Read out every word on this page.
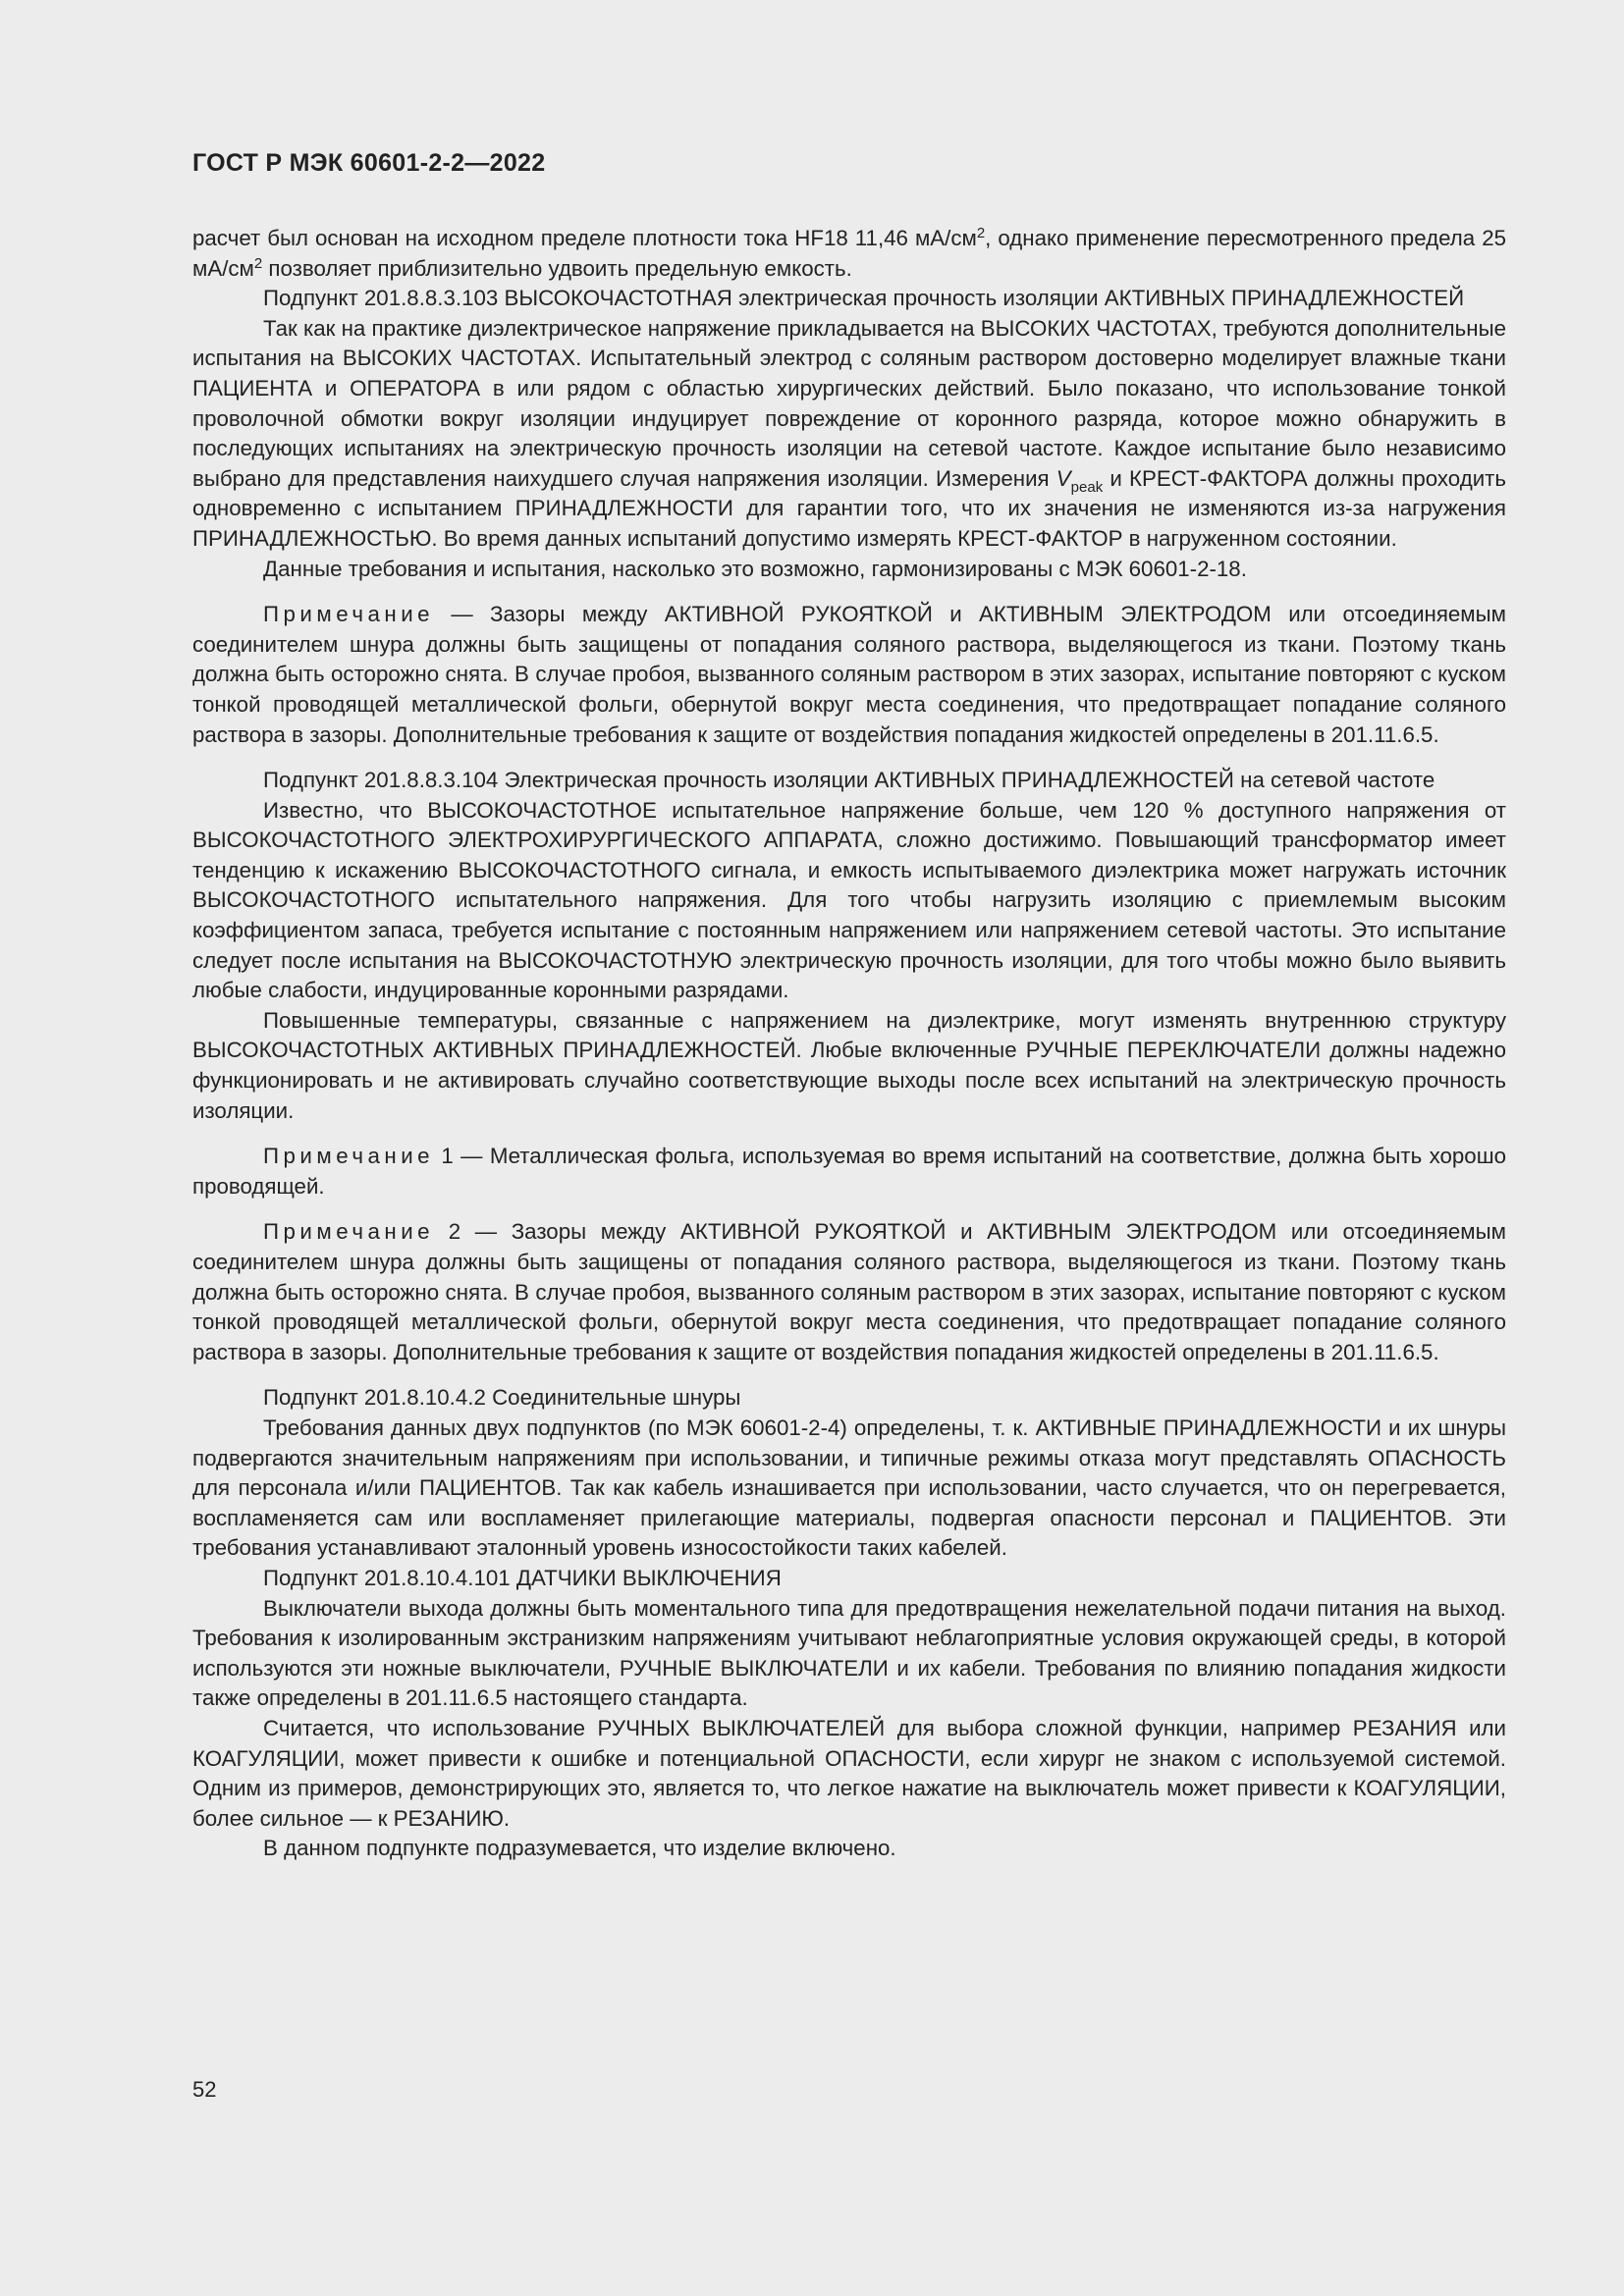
ГОСТ Р МЭК 60601-2-2—2022

расчет был основан на исходном пределе плотности тока HF18 11,46 $мА/см^2$, однако применение пересмотренного предела 25 $мА/см^2$ позволяет приблизительно удвоить предельную емкость.

Подпункт 201.8.8.3.103 ВЫСОКОЧАСТОТНАЯ электрическая прочность изоляции АКТИВНЫХ ПРИНАДЛЕЖНОСТЕЙ

Так как на практике диэлектрическое напряжение прикладывается на ВЫСОКИХ ЧАСТОТАХ, требуются дополнительные испытания на ВЫСОКИХ ЧАСТОТАХ. Испытательный электрод с соляным раствором достоверно моделирует влажные ткани ПАЦИЕНТА и ОПЕРАТОРА в или рядом с областью хирургических действий. Было показано, что использование тонкой проволочной обмотки вокруг изоляции индуцирует повреждение от коронного разряда, которое можно обнаружить в последующих испытаниях на электрическую прочность изоляции на сетевой частоте. Каждое испытание было независимо выбрано для представления наихудшего случая напряжения изоляции. Измерения $V_{peak}$ и КРЕСТ-ФАКТОРА должны проходить одновременно с испытанием ПРИНАДЛЕЖНОСТИ для гарантии того, что их значения не изменяются из-за нагружения ПРИНАДЛЕЖНОСТЬЮ. Во время данных испытаний допустимо измерять КРЕСТ-ФАКТОР в нагруженном состоянии.

Данные требования и испытания, насколько это возможно, гармонизированы с МЭК 60601-2-18.

Примечание — Зазоры между АКТИВНОЙ РУКОЯТКОЙ и АКТИВНЫМ ЭЛЕКТРОДОМ или отсоединяемым соединителем шнура должны быть защищены от попадания соляного раствора, выделяющегося из ткани. Поэтому ткань должна быть осторожно снята. В случае пробоя, вызванного соляным раствором в этих зазорах, испытание повторяют с куском тонкой проводящей металлической фольги, обернутой вокруг места соединения, что предотвращает попадание соляного раствора в зазоры. Дополнительные требования к защите от воздействия попадания жидкостей определены в 201.11.6.5.

Подпункт 201.8.8.3.104 Электрическая прочность изоляции АКТИВНЫХ ПРИНАДЛЕЖНОСТЕЙ на сетевой частоте

Известно, что ВЫСОКОЧАСТОТНОЕ испытательное напряжение больше, чем 120 % доступного напряжения от ВЫСОКОЧАСТОТНОГО ЭЛЕКТРОХИРУРГИЧЕСКОГО АППАРАТА, сложно достижимо. Повышающий трансформатор имеет тенденцию к искажению ВЫСОКОЧАСТОТНОГО сигнала, и емкость испытываемого диэлектрика может нагружать источник ВЫСОКОЧАСТОТНОГО испытательного напряжения. Для того чтобы нагрузить изоляцию с приемлемым высоким коэффициентом запаса, требуется испытание с постоянным напряжением или напряжением сетевой частоты. Это испытание следует после испытания на ВЫСОКОЧАСТОТНУЮ электрическую прочность изоляции, для того чтобы можно было выявить любые слабости, индуцированные коронными разрядами.

Повышенные температуры, связанные с напряжением на диэлектрике, могут изменять внутреннюю структуру ВЫСОКОЧАСТОТНЫХ АКТИВНЫХ ПРИНАДЛЕЖНОСТЕЙ. Любые включенные РУЧНЫЕ ПЕРЕКЛЮЧАТЕЛИ должны надежно функционировать и не активировать случайно соответствующие выходы после всех испытаний на электрическую прочность изоляции.

Примечание 1 — Металлическая фольга, используемая во время испытаний на соответствие, должна быть хорошо проводящей.

Примечание 2 — Зазоры между АКТИВНОЙ РУКОЯТКОЙ и АКТИВНЫМ ЭЛЕКТРОДОМ или отсоединяемым соединителем шнура должны быть защищены от попадания соляного раствора, выделяющегося из ткани. Поэтому ткань должна быть осторожно снята. В случае пробоя, вызванного соляным раствором в этих зазорах, испытание повторяют с куском тонкой проводящей металлической фольги, обернутой вокруг места соединения, что предотвращает попадание соляного раствора в зазоры. Дополнительные требования к защите от воздействия попадания жидкостей определены в 201.11.6.5.

Подпункт 201.8.10.4.2 Соединительные шнуры

Требования данных двух подпунктов (по МЭК 60601-2-4) определены, т. к. АКТИВНЫЕ ПРИНАДЛЕЖНОСТИ и их шнуры подвергаются значительным напряжениям при использовании, и типичные режимы отказа могут представлять ОПАСНОСТЬ для персонала и/или ПАЦИЕНТОВ. Так как кабель изнашивается при использовании, часто случается, что он перегревается, воспламеняется сам или воспламеняет прилегающие материалы, подвергая опасности персонал и ПАЦИЕНТОВ. Эти требования устанавливают эталонный уровень износостойкости таких кабелей.

Подпункт 201.8.10.4.101 ДАТЧИКИ ВЫКЛЮЧЕНИЯ

Выключатели выхода должны быть моментального типа для предотвращения нежелательной подачи питания на выход. Требования к изолированным экстранизким напряжениям учитывают неблагоприятные условия окружающей среды, в которой используются эти ножные выключатели, РУЧНЫЕ ВЫКЛЮЧАТЕЛИ и их кабели. Требования по влиянию попадания жидкости также определены в 201.11.6.5 настоящего стандарта.

Считается, что использование РУЧНЫХ ВЫКЛЮЧАТЕЛЕЙ для выбора сложной функции, например РЕЗАНИЯ или КОАГУЛЯЦИИ, может привести к ошибке и потенциальной ОПАСНОСТИ, если хирург не знаком с используемой системой. Одним из примеров, демонстрирующих это, является то, что легкое нажатие на выключатель может привести к КОАГУЛЯЦИИ, более сильное — к РЕЗАНИЮ.

В данном подпункте подразумевается, что изделие включено.

52
